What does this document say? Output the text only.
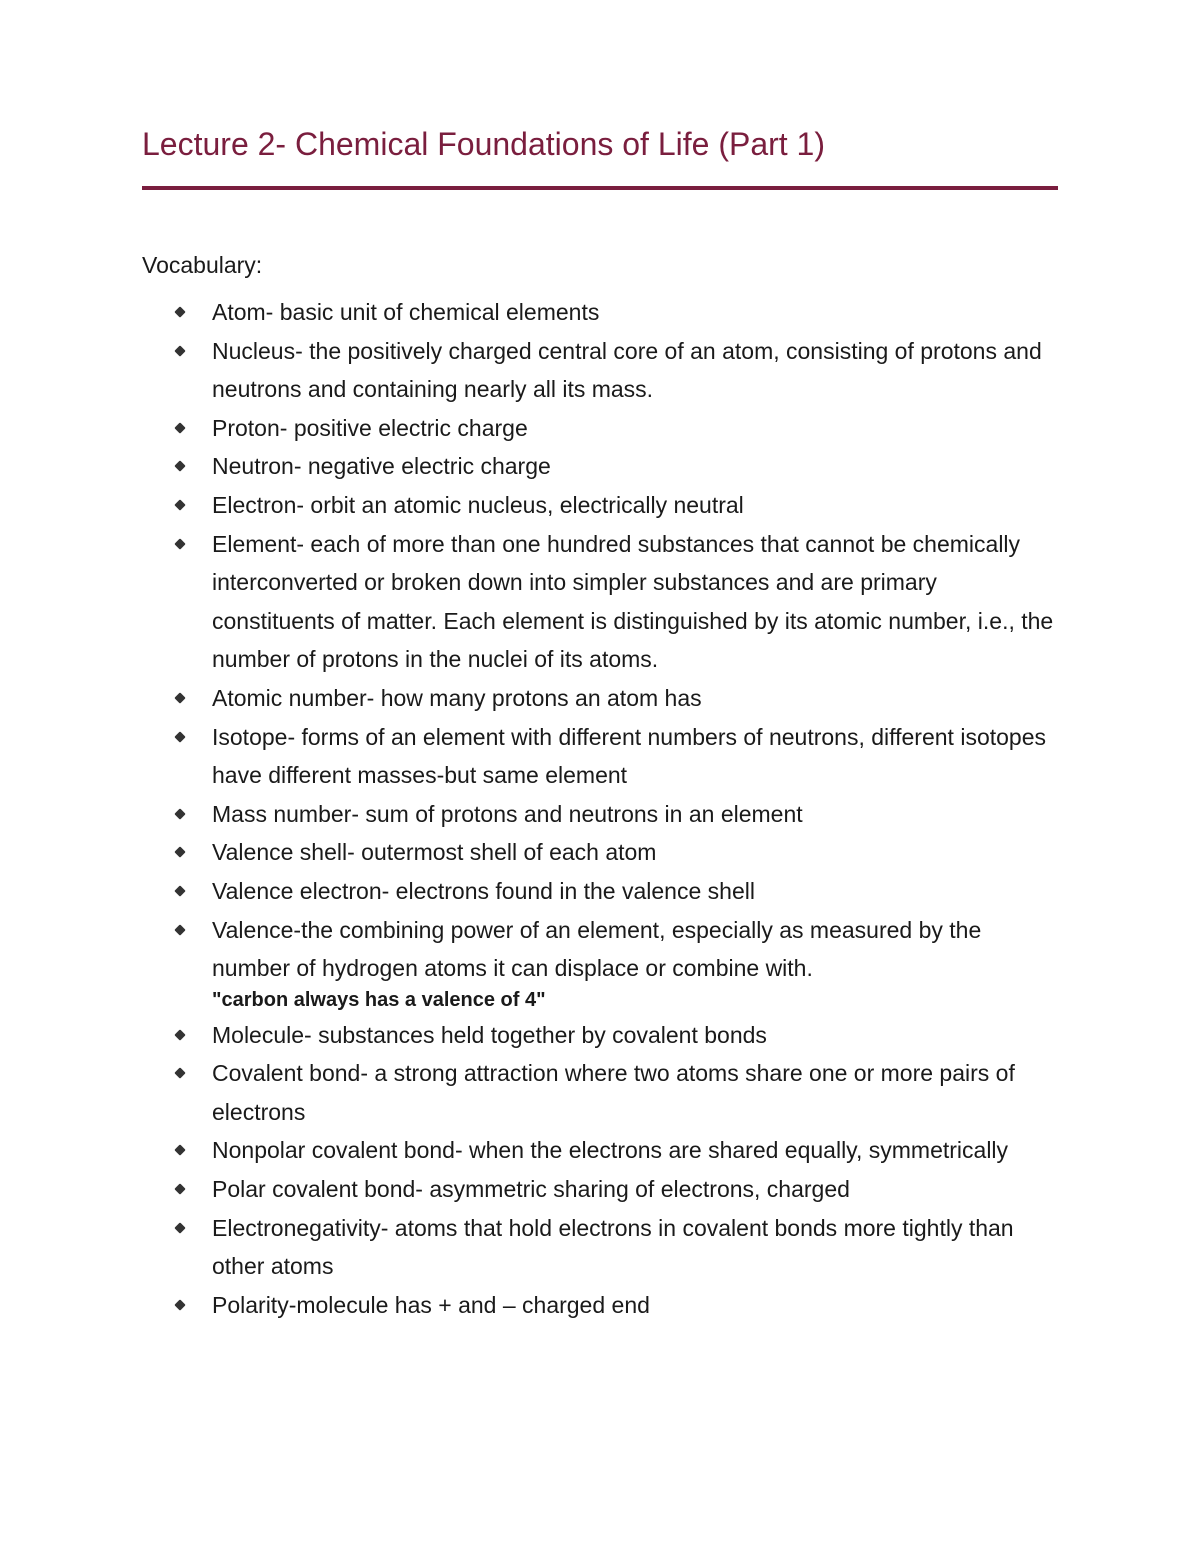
Lecture 2- Chemical Foundations of Life (Part 1)

Vocabulary:

Atom- basic unit of chemical elements
Nucleus- the positively charged central core of an atom, consisting of protons and neutrons and containing nearly all its mass.
Proton- positive electric charge
Neutron- negative electric charge
Electron- orbit an atomic nucleus, electrically neutral
Element- each of more than one hundred substances that cannot be chemically interconverted or broken down into simpler substances and are primary constituents of matter. Each element is distinguished by its atomic number, i.e., the number of protons in the nuclei of its atoms.
Atomic number- how many protons an atom has
Isotope- forms of an element with different numbers of neutrons, different isotopes have different masses-but same element
Mass number- sum of protons and neutrons in an element
Valence shell- outermost shell of each atom
Valence electron- electrons found in the valence shell
Valence-the combining power of an element, especially as measured by the number of hydrogen atoms it can displace or combine with.
"carbon always has a valence of 4"
Molecule- substances held together by covalent bonds
Covalent bond- a strong attraction where two atoms share one or more pairs of electrons
Nonpolar covalent bond- when the electrons are shared equally, symmetrically
Polar covalent bond- asymmetric sharing of electrons, charged
Electronegativity- atoms that hold electrons in covalent bonds more tightly than other atoms
Polarity-molecule has + and – charged end
